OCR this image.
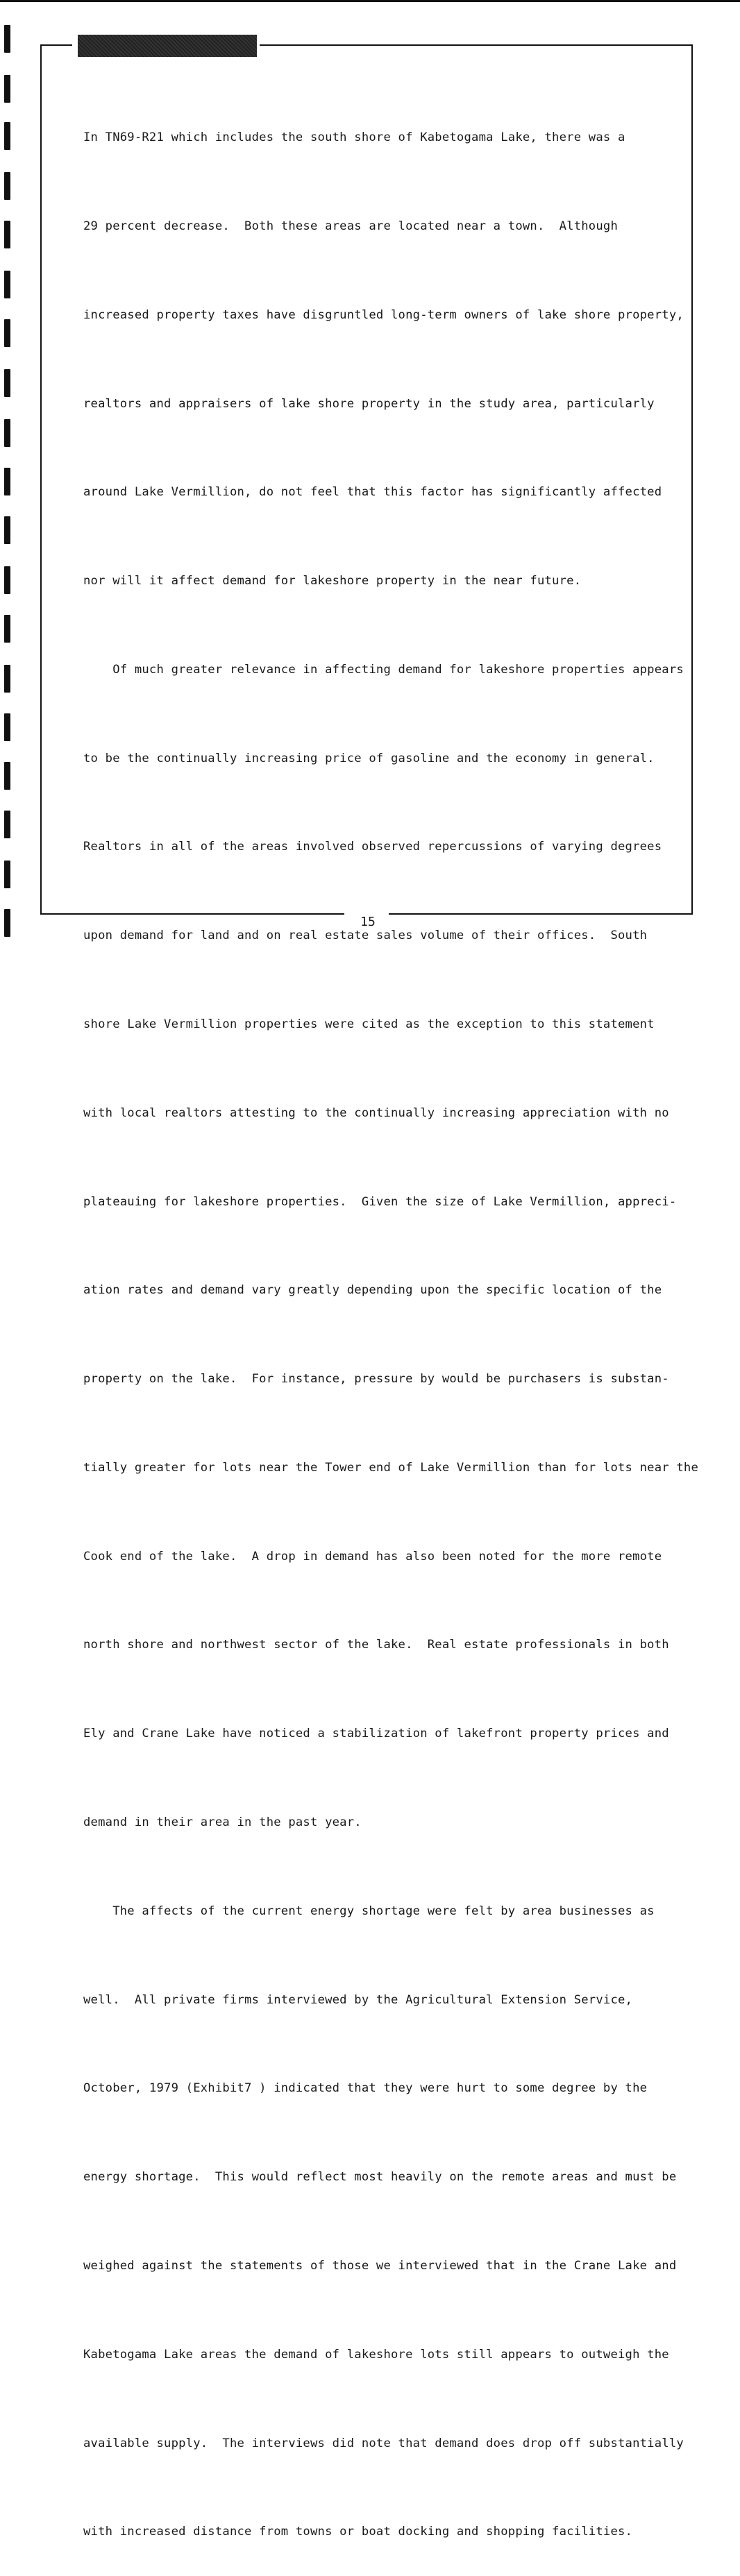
In TN69-R21 which includes the south shore of Kabetogama Lake, there was a

29 percent decrease.  Both these areas are located near a town.  Although

increased property taxes have disgruntled long-term owners of lake shore property,

realtors and appraisers of lake shore property in the study area, particularly

around Lake Vermillion, do not feel that this factor has significantly affected

nor will it affect demand for lakeshore property in the near future.

Of much greater relevance in affecting demand for lakeshore properties appears

to be the continually increasing price of gasoline and the economy in general.

Realtors in all of the areas involved observed repercussions of varying degrees

upon demand for land and on real estate sales volume of their offices.  South

shore Lake Vermillion properties were cited as the exception to this statement

with local realtors attesting to the continually increasing appreciation with no

plateauing for lakeshore properties.  Given the size of Lake Vermillion, appreci-

ation rates and demand vary greatly depending upon the specific location of the

property on the lake.  For instance, pressure by would be purchasers is substan-

tially greater for lots near the Tower end of Lake Vermillion than for lots near the

Cook end of the lake.  A drop in demand has also been noted for the more remote

north shore and northwest sector of the lake.  Real estate professionals in both

Ely and Crane Lake have noticed a stabilization of lakefront property prices and

demand in their area in the past year.

The affects of the current energy shortage were felt by area businesses as

well.  All private firms interviewed by the Agricultural Extension Service,

October, 1979 (Exhibit7 ) indicated that they were hurt to some degree by the

energy shortage.  This would reflect most heavily on the remote areas and must be

weighed against the statements of those we interviewed that in the Crane Lake and

Kabetogama Lake areas the demand of lakeshore lots still appears to outweigh the

available supply.  The interviews did note that demand does drop off substantially

with increased distance from towns or boat docking and shopping facilities.

15
